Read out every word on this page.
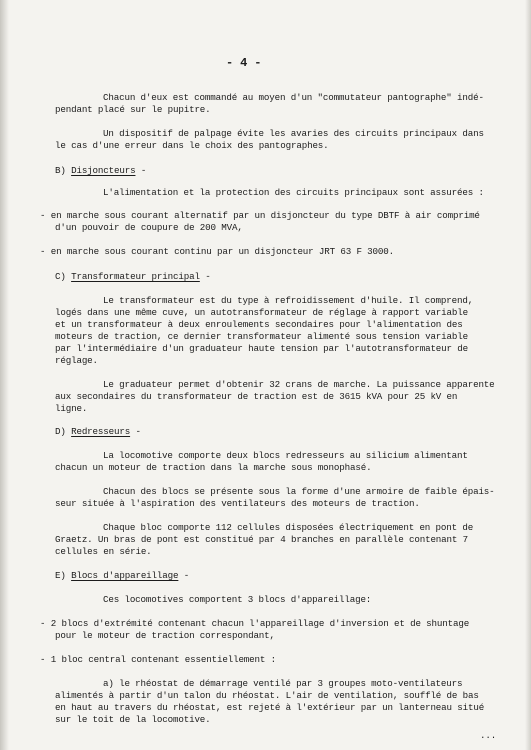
- 4 -
Chacun d'eux est commandé au moyen d'un "commutateur pantographe" indé-
pendant placé sur le pupitre.
Un dispositif de palpage évite les avaries des circuits principaux dans
le cas d'une erreur dans le choix des pantographes.
B) Disjoncteurs -
L'alimentation et la protection des circuits principaux sont assurées :
- en marche sous courant alternatif par un disjoncteur du type DBTF à air comprimé
d'un pouvoir de coupure de 200 MVA,
- en marche sous courant continu par un disjoncteur JRT 63 F 3000.
C) Transformateur principal -
Le transformateur est du type à refroidissement d'huile. Il comprend,
logés dans une même cuve, un autotransformateur de réglage à rapport variable
et un transformateur à deux enroulements secondaires pour l'alimentation des
moteurs de traction, ce dernier transformateur alimenté sous tension variable
par l'intermédiaire d'un graduateur haute tension par l'autotransformateur de
réglage.
Le graduateur permet d'obtenir 32 crans de marche. La puissance apparente
aux secondaires du transformateur de traction est de 3615 kVA pour 25 kV en
ligne.
D) Redresseurs -
La locomotive comporte deux blocs redresseurs au silicium alimentant
chacun un moteur de traction dans la marche sous monophasé.
Chacun des blocs se présente sous la forme d'une armoire de faible épais-
seur située à l'aspiration des ventilateurs des moteurs de traction.
Chaque bloc comporte 112 cellules disposées électriquement en pont de
Graetz. Un bras de pont est constitué par 4 branches en parallèle contenant 7
cellules en série.
E) Blocs d'appareillage -
Ces locomotives comportent 3 blocs d'appareillage:
- 2 blocs d'extrémité contenant chacun l'appareillage d'inversion et de shuntage
pour le moteur de traction correspondant,
- 1 bloc central contenant essentiellement :
a) le rhéostat de démarrage ventilé par 3 groupes moto-ventilateurs
alimentés à partir d'un talon du rhéostat. L'air de ventilation, soufflé de bas
en haut au travers du rhéostat, est rejeté à l'extérieur par un lanterneau situé
sur le toit de la locomotive.
...
